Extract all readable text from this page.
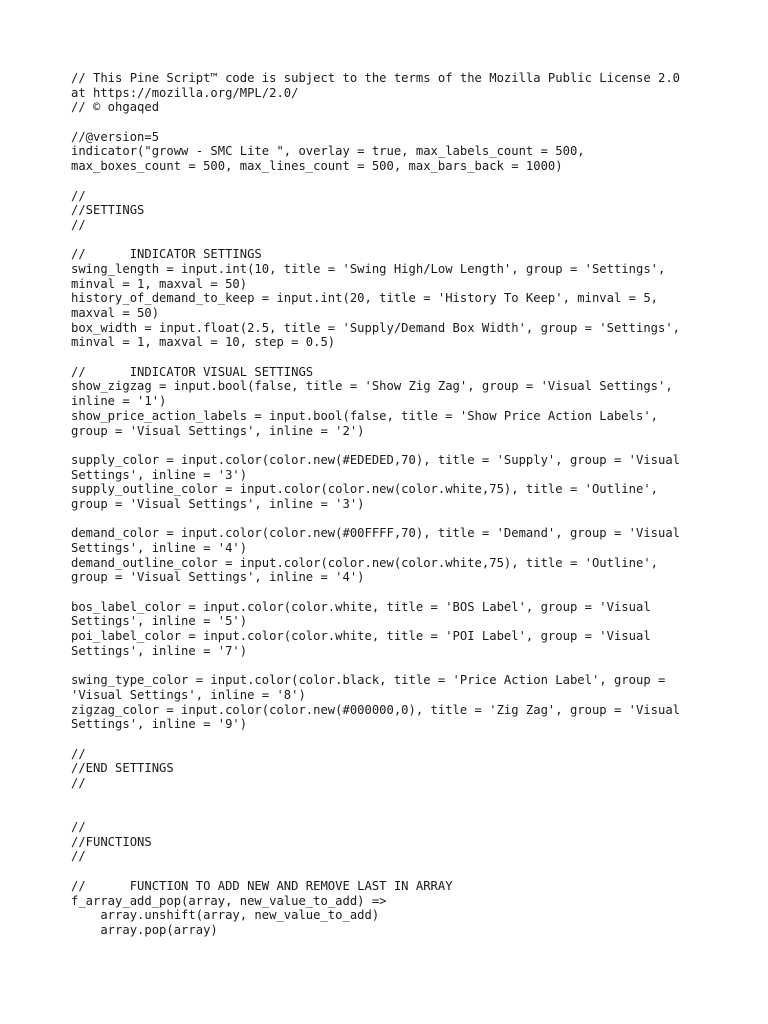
// This Pine Script™ code is subject to the terms of the Mozilla Public License 2.0
at https://mozilla.org/MPL/2.0/
// © ohgaqed
//@version=5
indicator("groww - SMC Lite ", overlay = true, max_labels_count = 500,
max_boxes_count = 500, max_lines_count = 500, max_bars_back = 1000)
//
//SETTINGS
//
//      INDICATOR SETTINGS
swing_length = input.int(10, title = 'Swing High/Low Length', group = 'Settings',
minval = 1, maxval = 50)
history_of_demand_to_keep = input.int(20, title = 'History To Keep', minval = 5,
maxval = 50)
box_width = input.float(2.5, title = 'Supply/Demand Box Width', group = 'Settings',
minval = 1, maxval = 10, step = 0.5)
//      INDICATOR VISUAL SETTINGS
show_zigzag = input.bool(false, title = 'Show Zig Zag', group = 'Visual Settings',
inline = '1')
show_price_action_labels = input.bool(false, title = 'Show Price Action Labels',
group = 'Visual Settings', inline = '2')
supply_color = input.color(color.new(#EDEDED,70), title = 'Supply', group = 'Visual
Settings', inline = '3')
supply_outline_color = input.color(color.new(color.white,75), title = 'Outline',
group = 'Visual Settings', inline = '3')
demand_color = input.color(color.new(#00FFFF,70), title = 'Demand', group = 'Visual
Settings', inline = '4')
demand_outline_color = input.color(color.new(color.white,75), title = 'Outline',
group = 'Visual Settings', inline = '4')
bos_label_color = input.color(color.white, title = 'BOS Label', group = 'Visual
Settings', inline = '5')
poi_label_color = input.color(color.white, title = 'POI Label', group = 'Visual
Settings', inline = '7')
swing_type_color = input.color(color.black, title = 'Price Action Label', group =
'Visual Settings', inline = '8')
zigzag_color = input.color(color.new(#000000,0), title = 'Zig Zag', group = 'Visual
Settings', inline = '9')
//
//END SETTINGS
//
//
//FUNCTIONS
//
//      FUNCTION TO ADD NEW AND REMOVE LAST IN ARRAY
f_array_add_pop(array, new_value_to_add) =>
array.unshift(array, new_value_to_add)
array.pop(array)
